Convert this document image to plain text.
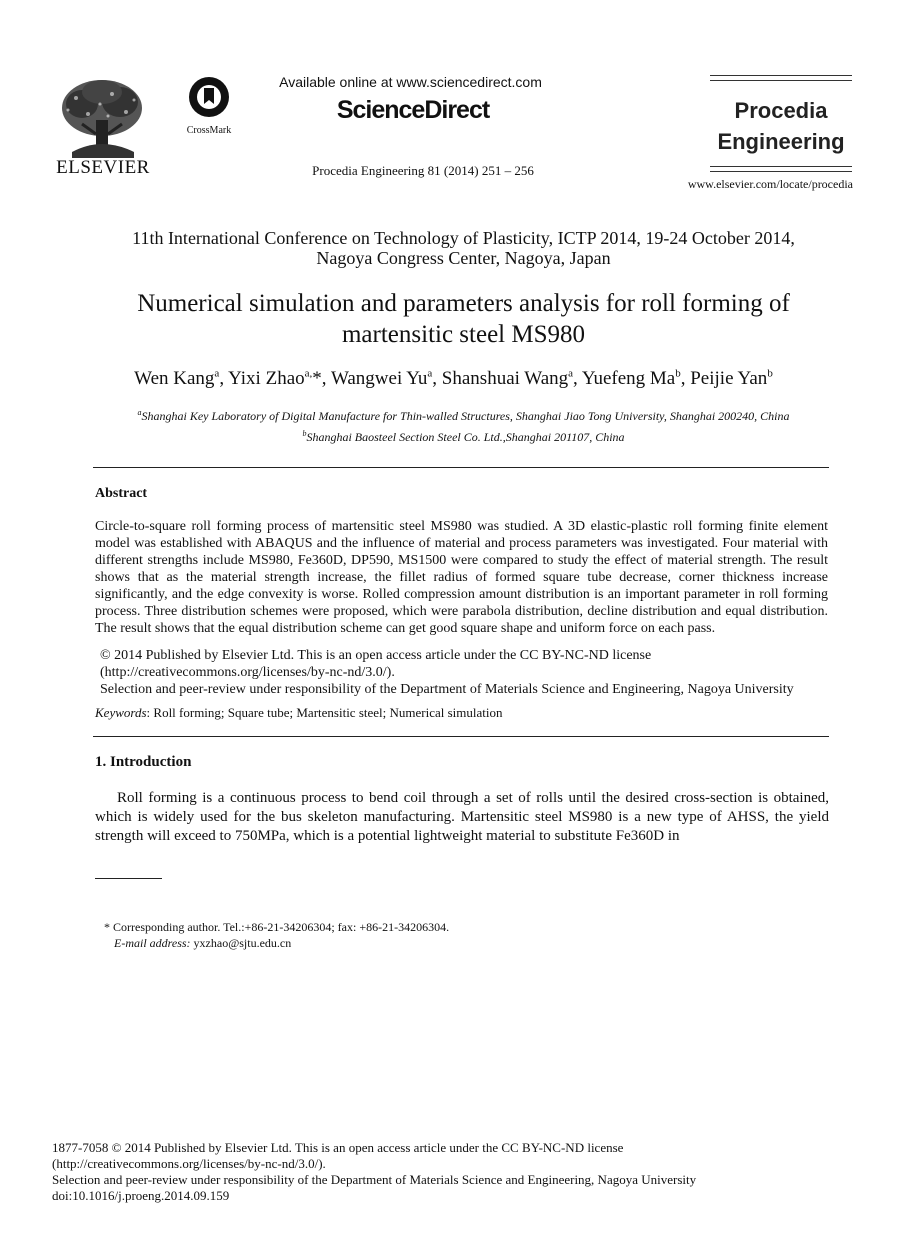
ELSEVIER
CrossMark
Available online at www.sciencedirect.com
ScienceDirect
Procedia Engineering 81 (2014) 251 – 256
Procedia
Engineering
www.elsevier.com/locate/procedia
11th International Conference on Technology of Plasticity, ICTP 2014, 19-24 October 2014,
Nagoya Congress Center, Nagoya, Japan
Numerical simulation and parameters analysis for roll forming of
martensitic steel MS980
Wen Kang$^a$, Yixi Zhao$^{a,}$*, Wangwei Yu$^a$, Shanshuai Wang$^a$, Yuefeng Ma$^b$, Peijie Yan$^b$
$^a$Shanghai Key Laboratory of Digital Manufacture for Thin-walled Structures, Shanghai Jiao Tong University, Shanghai 200240, China
$^b$Shanghai Baosteel Section Steel Co. Ltd.,Shanghai 201107, China
Abstract
Circle-to-square roll forming process of martensitic steel MS980 was studied. A 3D elastic-plastic roll forming finite element model was established with ABAQUS and the influence of material and process parameters was investigated. Four material with different strengths include MS980, Fe360D, DP590, MS1500 were compared to study the effect of material strength. The result shows that as the material strength increase, the fillet radius of formed square tube decrease, corner thickness increase significantly, and the edge convexity is worse. Rolled compression amount distribution is an important parameter in roll forming process. Three distribution schemes were proposed, which were parabola distribution, decline distribution and equal distribution. The result shows that the equal distribution scheme can get good square shape and uniform force on each pass.
© 2014 Published by Elsevier Ltd. This is an open access article under the CC BY-NC-ND license
(http://creativecommons.org/licenses/by-nc-nd/3.0/).
Selection and peer-review under responsibility of the Department of Materials Science and Engineering, Nagoya University
Keywords: Roll forming; Square tube; Martensitic steel; Numerical simulation
1. Introduction
Roll forming is a continuous process to bend coil through a set of rolls until the desired cross-section is obtained, which is widely used for the bus skeleton manufacturing. Martensitic steel MS980 is a new type of AHSS, the yield strength will exceed to 750MPa, which is a potential lightweight material to substitute Fe360D in
* Corresponding author. Tel.:+86-21-34206304; fax: +86-21-34206304.
E-mail address: yxzhao@sjtu.edu.cn
1877-7058 © 2014 Published by Elsevier Ltd. This is an open access article under the CC BY-NC-ND license
(http://creativecommons.org/licenses/by-nc-nd/3.0/).
Selection and peer-review under responsibility of the Department of Materials Science and Engineering, Nagoya University
doi:10.1016/j.proeng.2014.09.159
